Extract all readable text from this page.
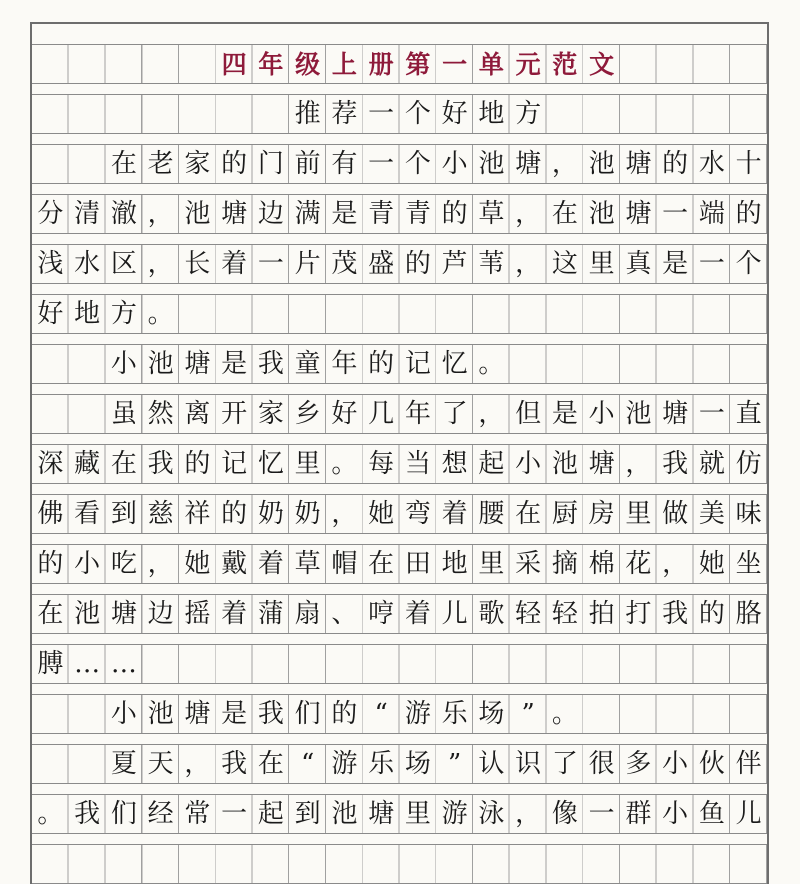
四 年 级 上 册 第 一 单 元 范 文
推 荐 一 个 好 地 方
在 老 家 的 门 前 有 一 个 小 池 塘 ， 池 塘 的 水 十
分 清 澈 ， 池 塘 边 满 是 青 青 的 草 ， 在 池 塘 一 端 的
浅 水 区 ， 长 着 一 片 茂 盛 的 芦 苇 ， 这 里 真 是 一 个
好 地 方 。
小 池 塘 是 我 童 年 的 记 忆 。
虽 然 离 开 家 乡 好 几 年 了 ， 但 是 小 池 塘 一 直
深 藏 在 我 的 记 忆 里 。 每 当 想 起 小 池 塘 ， 我 就 仿
佛 看 到 慈 祥 的 奶 奶 ， 她 弯 着 腰 在 厨 房 里 做 美 味
的 小 吃 ， 她 戴 着 草 帽 在 田 地 里 采 摘 棉 花 ， 她 坐
在 池 塘 边 摇 着 蒲 扇 、 哼 着 儿 歌 轻 轻 拍 打 我 的 胳
膊 … …
小 池 塘 是 我 们 的 “ 游 乐 场 ” 。
夏 天 ， 我 在 “ 游 乐 场 ” 认 识 了 很 多 小 伙 伴
。 我 们 经 常 一 起 到 池 塘 里 游 泳 ， 像 一 群 小 鱼 儿
